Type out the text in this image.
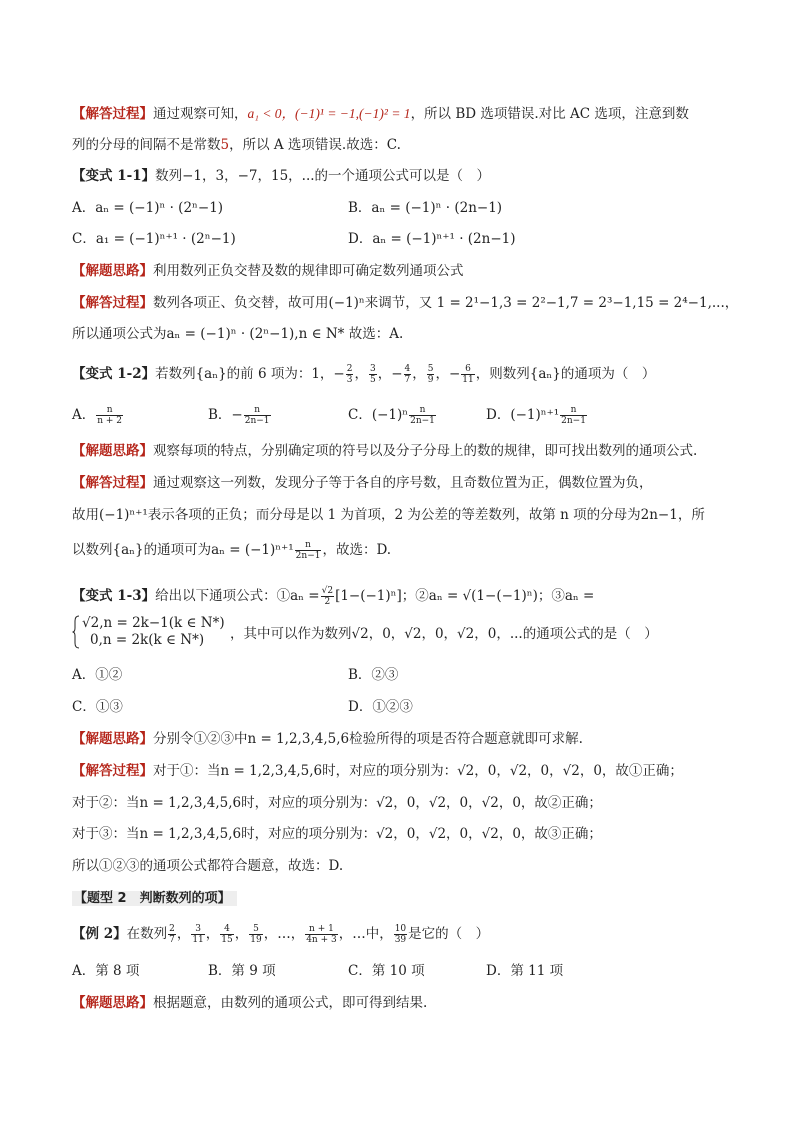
【解答过程】通过观察可知，a₁ < 0，(−1)¹ = −1,(−1)² = 1，所以 BD 选项错误.对比 AC 选项，注意到数
列的分母的间隔不是常数5，所以 A 选项错误.故选：C.
【变式 1-1】数列−1，3，−7，15，...的一个通项公式可以是（　）
A．aₙ = (−1)ⁿ · (2ⁿ−1)	B．aₙ = (−1)ⁿ · (2n−1)
C．a₁ = (−1)ⁿ⁺¹ · (2ⁿ−1)	D．aₙ = (−1)ⁿ⁺¹ · (2n−1)
【解题思路】利用数列正负交替及数的规律即可确定数列通项公式
【解答过程】数列各项正、负交替，故可用(−1)ⁿ来调节，又 1 = 2¹−1,3 = 2²−1,7 = 2³−1,15 = 2⁴−1,...，
所以通项公式为aₙ = (−1)ⁿ · (2ⁿ−1),n ∈ N* 故选：A.
【变式 1-2】若数列{aₙ}的前 6 项为：1，− $\frac{2}{3}$ ， $\frac{3}{5}$ ，− $\frac{4}{7}$ ， $\frac{5}{9}$ ，− $\frac{6}{11}$ ，则数列{aₙ}的通项为（　）
A． $\frac{n}{n + 2}$	B．− $\frac{n}{2n-1}$	C．$(-1)^n \frac{n}{2n-1}$	D．$(-1)^{n+1} \frac{n}{2n-1}$
【解题思路】观察每项的特点，分别确定项的符号以及分子分母上的数的规律，即可找出数列的通项公式.
【解答过程】通过观察这一列数，发现分子等于各自的序号数，且奇数位置为正，偶数位置为负，
故用(−1)ⁿ⁺¹表示各项的正负；而分母是以 1 为首项，2 为公差的等差数列，故第 n 项的分母为2n−1，所
以数列{aₙ}的通项可为$a_n = (-1)^{n+1} \frac{n}{2n-1}$ ，故选：D.
【变式 1-3】给出以下通项公式：①aₙ = $\frac{√2}{2} [1-(-1)^n]$；②aₙ = √(1−(−1)ⁿ)；③aₙ =
√2,n = 2k−1(k ∈ N*)
0,n = 2k(k ∈ N*) ，其中可以作为数列√2，0，√2，0，√2，0，...的通项公式的是（　）
A．①②	B．②③
C．①③	D．①②③
【解题思路】分别令①②③中n = 1,2,3,4,5,6检验所得的项是否符合题意就即可求解.
【解答过程】对于①：当n = 1,2,3,4,5,6时，对应的项分别为：√2，0，√2，0，√2，0，故①正确；
对于②：当n = 1,2,3,4,5,6时，对应的项分别为：√2，0，√2，0，√2，0，故②正确；
对于③：当n = 1,2,3,4,5,6时，对应的项分别为：√2，0，√2，0，√2，0，故③正确；
所以①②③的通项公式都符合题意，故选：D.
【题型 2　判断数列的项】
【例 2】在数列 $\frac{2}{7}$ ， $\frac{3}{11}$ ， $\frac{4}{15}$ ， $\frac{5}{19}$ ，…， $\frac{n + 1}{4n + 3}$ ，…中， $\frac{10}{39}$ 是它的（　）
A．第 8 项	B．第 9 项	C．第 10 项	D．第 11 项
【解题思路】根据题意，由数列的通项公式，即可得到结果.
